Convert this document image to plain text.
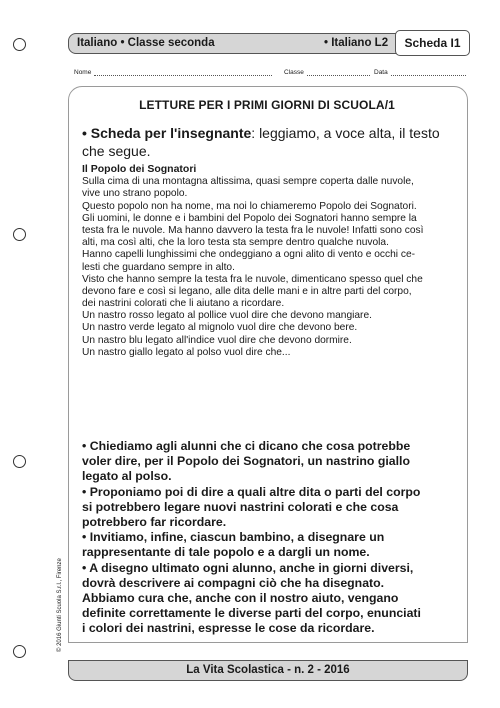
Italiano • Classe seconda	• Italiano L2	Scheda I1
Nome	Classe	Data
LETTURE PER I PRIMI GIORNI DI SCUOLA/1
• Scheda per l'insegnante: leggiamo, a voce alta, il testo
che segue.
Il Popolo dei Sognatori
Sulla cima di una montagna altissima, quasi sempre coperta dalle nuvole,
vive uno strano popolo.
Questo popolo non ha nome, ma noi lo chiameremo Popolo dei Sognatori.
Gli uomini, le donne e i bambini del Popolo dei Sognatori hanno sempre la
testa fra le nuvole. Ma hanno davvero la testa fra le nuvole! Infatti sono così
alti, ma così alti, che la loro testa sta sempre dentro qualche nuvola.
Hanno capelli lunghissimi che ondeggiano a ogni alito di vento e occhi ce-
lesti che guardano sempre in alto.
Visto che hanno sempre la testa fra le nuvole, dimenticano spesso quel che
devono fare e così si legano, alle dita delle mani e in altre parti del corpo,
dei nastrini colorati che li aiutano a ricordare.
Un nastro rosso legato al pollice vuol dire che devono mangiare.
Un nastro verde legato al mignolo vuol dire che devono bere.
Un nastro blu legato all'indice vuol dire che devono dormire.
Un nastro giallo legato al polso vuol dire che...
• Chiediamo agli alunni che ci dicano che cosa potrebbe
voler dire, per il Popolo dei Sognatori, un nastrino giallo
legato al polso.
• Proponiamo poi di dire a quali altre dita o parti del corpo
si potrebbero legare nuovi nastrini colorati e che cosa
potrebbero far ricordare.
• Invitiamo, infine, ciascun bambino, a disegnare un
rappresentante di tale popolo e a dargli un nome.
• A disegno ultimato ogni alunno, anche in giorni diversi,
dovrà descrivere ai compagni ciò che ha disegnato.
Abbiamo cura che, anche con il nostro aiuto, vengano
definite correttamente le diverse parti del corpo, enunciati
i colori dei nastrini, espresse le cose da ricordare.
© 2016 Giunti Scuola S.r.l., Firenze
La Vita Scolastica - n. 2 - 2016
